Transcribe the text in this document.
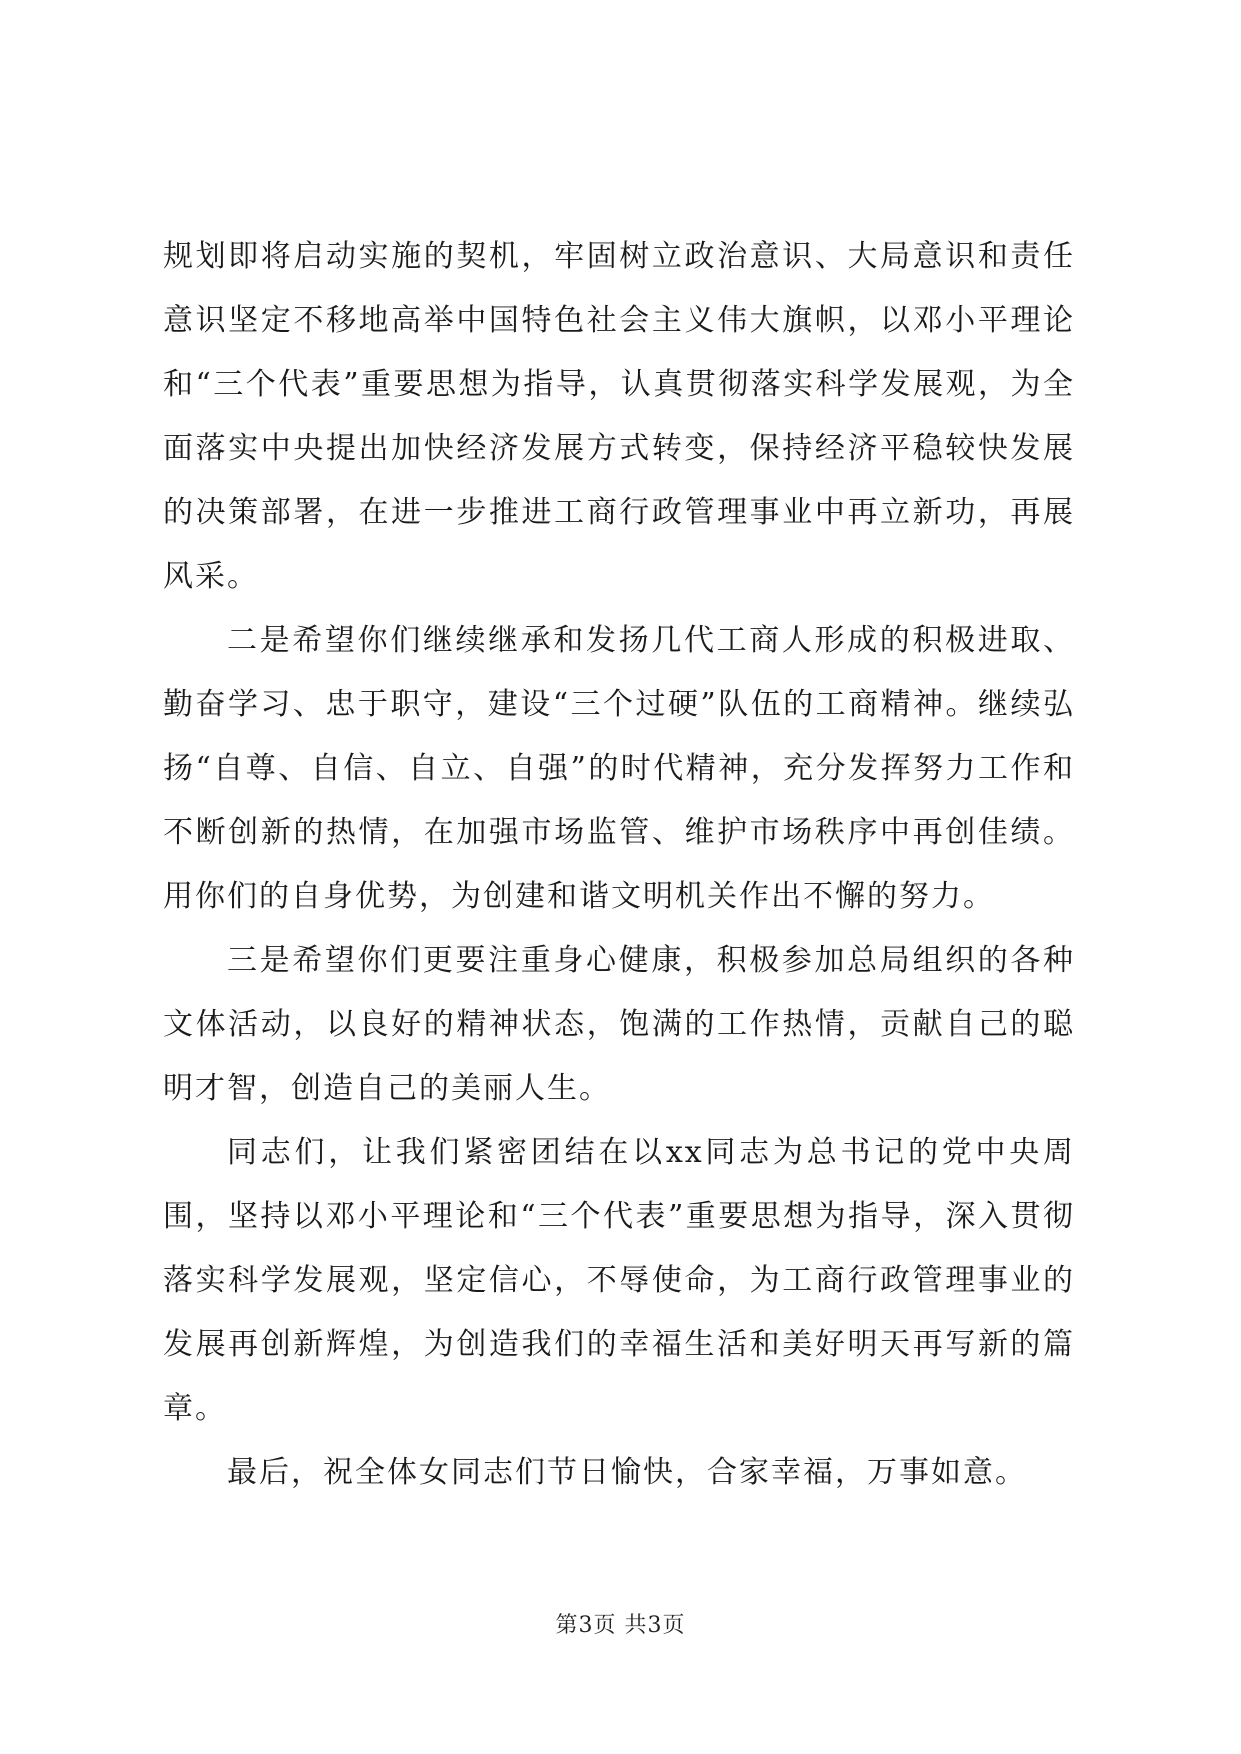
规划即将启动实施的契机，牢固树立政治意识、大局意识和责任意识坚定不移地高举中国特色社会主义伟大旗帜，以邓小平理论和“三个代表”重要思想为指导，认真贯彻落实科学发展观，为全面落实中央提出加快经济发展方式转变，保持经济平稳较快发展的决策部署，在进一步推进工商行政管理事业中再立新功，再展风采。

二是希望你们继续继承和发扬几代工商人形成的积极进取、勤奋学习、忠于职守，建设“三个过硬”队伍的工商精神。继续弘扬“自尊、自信、自立、自强”的时代精神，充分发挥努力工作和不断创新的热情，在加强市场监管、维护市场秩序中再创佳绩。用你们的自身优势，为创建和谐文明机关作出不懈的努力。

三是希望你们更要注重身心健康，积极参加总局组织的各种文体活动，以良好的精神状态，饱满的工作热情，贡献自己的聪明才智，创造自己的美丽人生。

同志们，让我们紧密团结在以xx同志为总书记的党中央周围，坚持以邓小平理论和“三个代表”重要思想为指导，深入贯彻落实科学发展观，坚定信心，不辱使命，为工商行政管理事业的发展再创新辉煌，为创造我们的幸福生活和美好明天再写新的篇章。

最后，祝全体女同志们节日愉快，合家幸福，万事如意。

第3页 共3页
